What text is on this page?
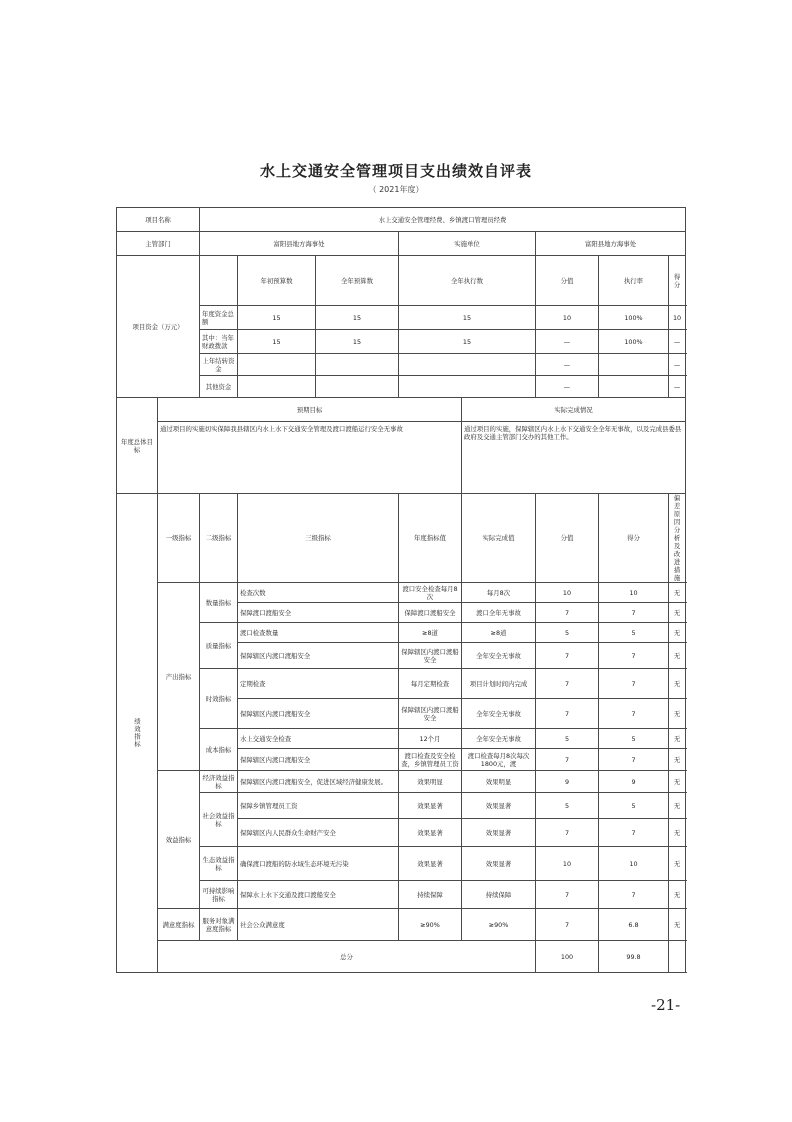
水上交通安全管理项目支出绩效自评表
（ 2021年度）
项目名称		水上交通安全管理经费、乡镇渡口管理员经费							
主管部门		富阳县地方海事处			实施单位		富阳县地方海事处		
项目资金（万元）			年初预算数	全年预算数	全年执行数		分值	执行率	得分
		年度资金总额	15	15	15		10	100%	10
		其中：当年财政拨款	15	15	15		—	100%	—
		上年结转资金					—		—
		其他资金					—		—
年度总体目标	预期目标					实际完成情况			
	通过项目的实施切实保障我县辖区内水上水下交通安全管理及渡口渡船运行安全无事故					通过项目的实施，保障辖区内水上水下交通安全全年无事故，以及完成县委县政府及交通主管部门交办的其他工作。			
绩效指标	一级指标	二级指标	三级指标		年度指标值	实际完成值	分值	得分	偏差原因分析及改进措施
	产出指标	数量指标	检查次数		渡口安全检查每月8次	每月8次	10	10	无
			保障渡口渡船安全		保障渡口渡船安全	渡口全年无事故	7	7	无
		质量指标	渡口检查数量		≥8道	≥8道	5	5	无
			保障辖区内渡口渡船安全		保障辖区内渡口渡船安全	全年安全无事故	7	7	无
		时效指标	定期检查		每月定期检查	项目计划时间内完成	7	7	无
			保障辖区内渡口渡船安全		保障辖区内渡口渡船安全	全年安全无事故	7	7	无
		成本指标	水上交通安全检查		12个月	全年安全无事故	5	5	无
			保障辖区内渡口渡船安全		渡口检查及安全检查，乡镇管理员工资	渡口检查每月8次每次1800元，渡	7	7	无
	效益指标	经济效益指标	保障辖区内渡口渡船安全，促进区域经济健康发展。		效果明显	效果明显	9	9	无
		社会效益指标	保障乡镇管理员工资		效果显著	效果显著	5	5	无
			保障辖区内人民群众生命财产安全		效果显著	效果显著	7	7	无
		生态效益指标	确保渡口渡船的防水域生态环境无污染		效果显著	效果显著	10	10	无
		可持续影响指标	保障水上水下交通及渡口渡船安全		持续保障	持续保障	7	7	无
	满意度指标	服务对象满意度指标	社会公众满意度		≥90%	≥90%	7	6.8	无
	总分						100	99.8	
-21-
